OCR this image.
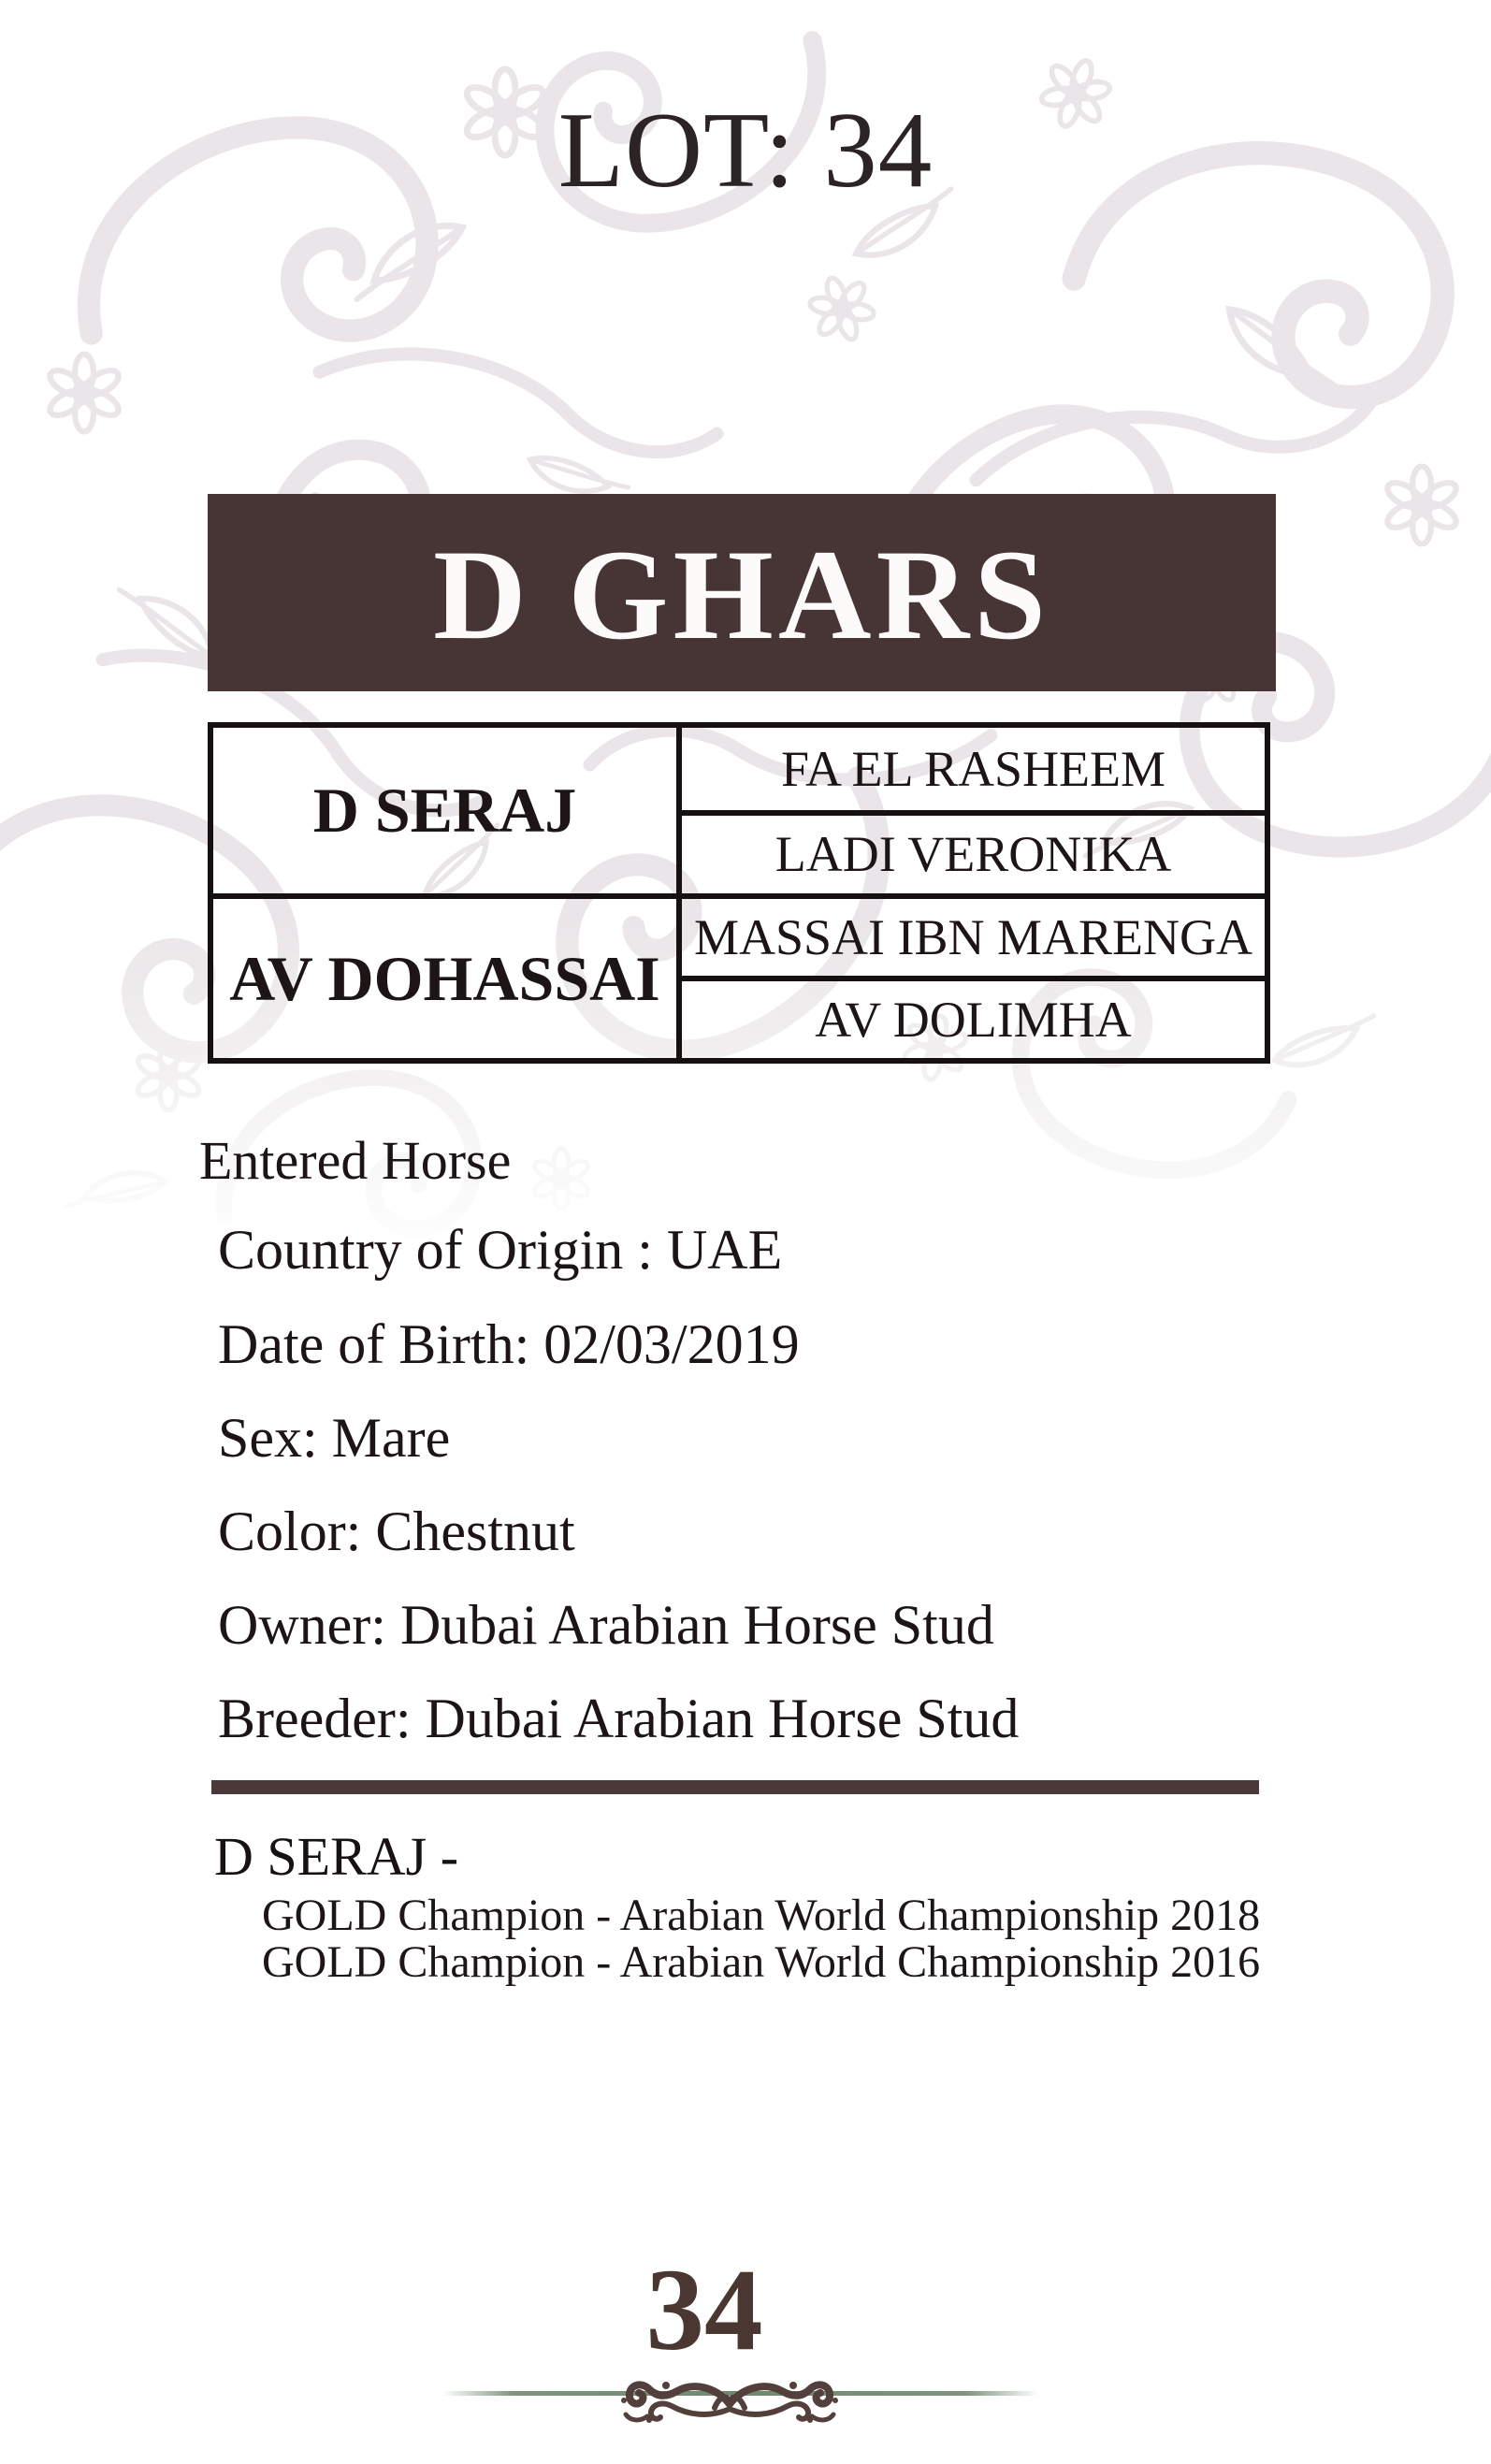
LOT: 34
D GHARS
D SERAJ
FA EL RASHEEM
LADI VERONIKA
AV DOHASSAI
MASSAI IBN MARENGA
AV DOLIMHA
Entered Horse
Country of Origin : UAE
Date of Birth: 02/03/2019
Sex: Mare
Color: Chestnut
Owner: Dubai Arabian Horse Stud
Breeder: Dubai Arabian Horse Stud
D SERAJ -
GOLD Champion - Arabian World Championship 2018
GOLD Champion - Arabian World Championship 2016
34
